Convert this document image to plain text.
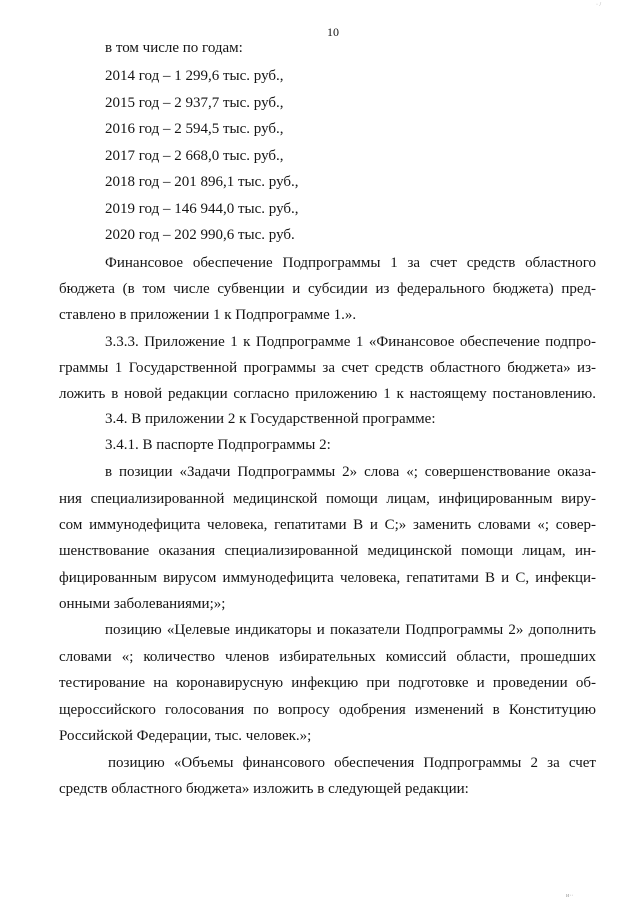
10
в том числе по годам:
2014 год – 1 299,6 тыс. руб.,
2015 год – 2 937,7 тыс. руб.,
2016 год – 2 594,5 тыс. руб.,
2017 год – 2 668,0 тыс. руб.,
2018 год – 201 896,1 тыс. руб.,
2019 год – 146 944,0 тыс. руб.,
2020 год – 202 990,6 тыс. руб.
Финансовое обеспечение Подпрограммы 1 за счет средств областного
бюджета (в том числе субвенции и субсидии из федерального бюджета) пред-
ставлено в приложении 1 к Подпрограмме 1.».
3.3.3. Приложение 1 к Подпрограмме 1 «Финансовое обеспечение подпро-
граммы 1 Государственной программы за счет средств областного бюджета» из-
ложить в новой редакции согласно приложению 1 к настоящему постановлению.
3.4. В приложении 2 к Государственной программе:
3.4.1. В паспорте Подпрограммы 2:
в позиции «Задачи Подпрограммы 2» слова «; совершенствование оказа-
ния специализированной медицинской помощи лицам, инфицированным виру-
сом иммунодефицита человека, гепатитами B и C;» заменить словами «; совер-
шенствование оказания специализированной медицинской помощи лицам, ин-
фицированным вирусом иммунодефицита человека, гепатитами B и C, инфекци-
онными заболеваниями;»;
позицию «Целевые индикаторы и показатели Подпрограммы 2» дополнить
словами «; количество членов избирательных комиссий области, прошедших
тестирование на коронавирусную инфекцию при подготовке и проведении об-
щероссийского голосования по вопросу одобрения изменений в Конституцию
Российской Федерации, тыс. человек.»;
позицию «Объемы финансового обеспечения Подпрограммы 2 за счет
средств областного бюджета» изложить в следующей редакции:
· /
ᴎ··
